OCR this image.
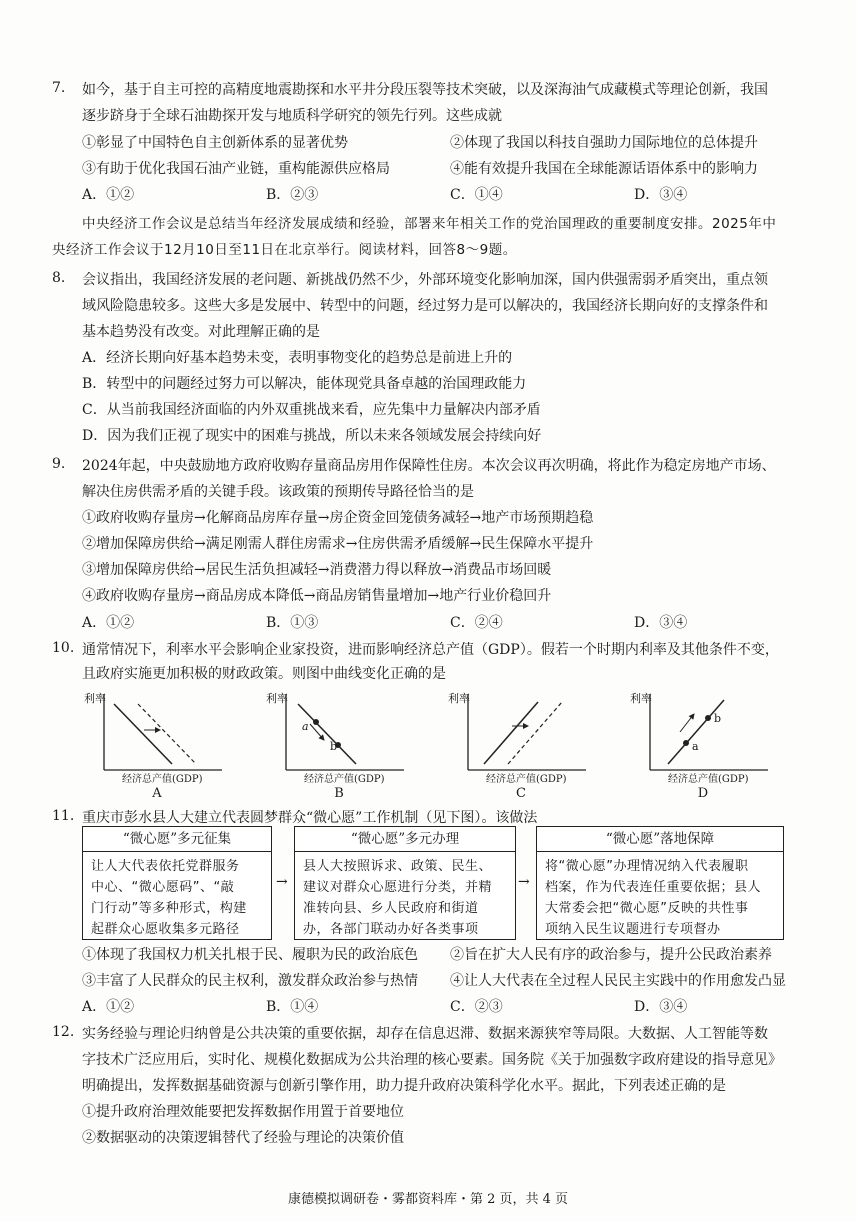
7.	如今，基于自主可控的高精度地震勘探和水平井分段压裂等技术突破，以及深海油气成藏模式等理论创新，我国
逐步跻身于全球石油勘探开发与地质科学研究的领先行列。这些成就
①彰显了中国特色自主创新体系的显著优势	②体现了我国以科技自强助力国际地位的总体提升
③有助于优化我国石油产业链，重构能源供应格局	④能有效提升我国在全球能源话语体系中的影响力
A．①②	B．②③	C．①④	D．③④
中央经济工作会议是总结当年经济发展成绩和经验，部署来年相关工作的党治国理政的重要制度安排。2025年中
央经济工作会议于12月10日至11日在北京举行。阅读材料，回答8～9题。
8.	会议指出，我国经济发展的老问题、新挑战仍然不少，外部环境变化影响加深，国内供强需弱矛盾突出，重点领
域风险隐患较多。这些大多是发展中、转型中的问题，经过努力是可以解决的，我国经济长期向好的支撑条件和
基本趋势没有改变。对此理解正确的是
A．经济长期向好基本趋势未变，表明事物变化的趋势总是前进上升的
B．转型中的问题经过努力可以解决，能体现党具备卓越的治国理政能力
C．从当前我国经济面临的内外双重挑战来看，应先集中力量解决内部矛盾
D．因为我们正视了现实中的困难与挑战，所以未来各领域发展会持续向好
9.	2024年起，中央鼓励地方政府收购存量商品房用作保障性住房。本次会议再次明确，将此作为稳定房地产市场、
解决住房供需矛盾的关键手段。该政策的预期传导路径恰当的是
①政府收购存量房→化解商品房库存量→房企资金回笼债务减轻→地产市场预期趋稳
②增加保障房供给→满足刚需人群住房需求→住房供需矛盾缓解→民生保障水平提升
③增加保障房供给→居民生活负担减轻→消费潜力得以释放→消费品市场回暖
④政府收购存量房→商品房成本降低→商品房销售量增加→地产行业价稳回升
A．①②	B．①③	C．②④	D．③④
10. 通常情况下，利率水平会影响企业家投资，进而影响经济总产值（GDP）。假若一个时期内利率及其他条件不变，
且政府实施更加积极的财政政策。则图中曲线变化正确的是
利率
经济总产值(GDP)
A
利率
a
b
经济总产值(GDP)
B
利率
经济总产值(GDP)
C
利率
a
b
经济总产值(GDP)
D
11. 重庆市彭水县人大建立代表圆梦群众“微心愿”工作机制（见下图）。该做法
“微心愿”多元征集
让人大代表依托党群服务
中心、“微心愿码”、“敲
门行动”等多种形式，构建
起群众心愿收集多元路径
→
“微心愿”多元办理
县人大按照诉求、政策、民生、
建议对群众心愿进行分类，并精
准转向县、乡人民政府和街道
办，各部门联动办好各类事项
→
“微心愿”落地保障
将“微心愿”办理情况纳入代表履职
档案，作为代表连任重要依据；县人
大常委会把“微心愿”反映的共性事
项纳入民生议题进行专项督办
①体现了我国权力机关扎根于民、履职为民的政治底色 ②旨在扩大人民有序的政治参与，提升公民政治素养
③丰富了人民群众的民主权利，激发群众政治参与热情 ④让人大代表在全过程人民民主实践中的作用愈发凸显
A．①②	B．①④	C．②③	D．③④
12. 实务经验与理论归纳曾是公共决策的重要依据，却存在信息迟滞、数据来源狭窄等局限。大数据、人工智能等数
字技术广泛应用后，实时化、规模化数据成为公共治理的核心要素。国务院《关于加强数字政府建设的指导意见》
明确提出，发挥数据基础资源与创新引擎作用，助力提升政府决策科学化水平。据此，下列表述正确的是
①提升政府治理效能要把发挥数据作用置于首要地位
②数据驱动的决策逻辑替代了经验与理论的决策价值
康德模拟调研卷・雾都资料库・第 2 页，共 4 页
